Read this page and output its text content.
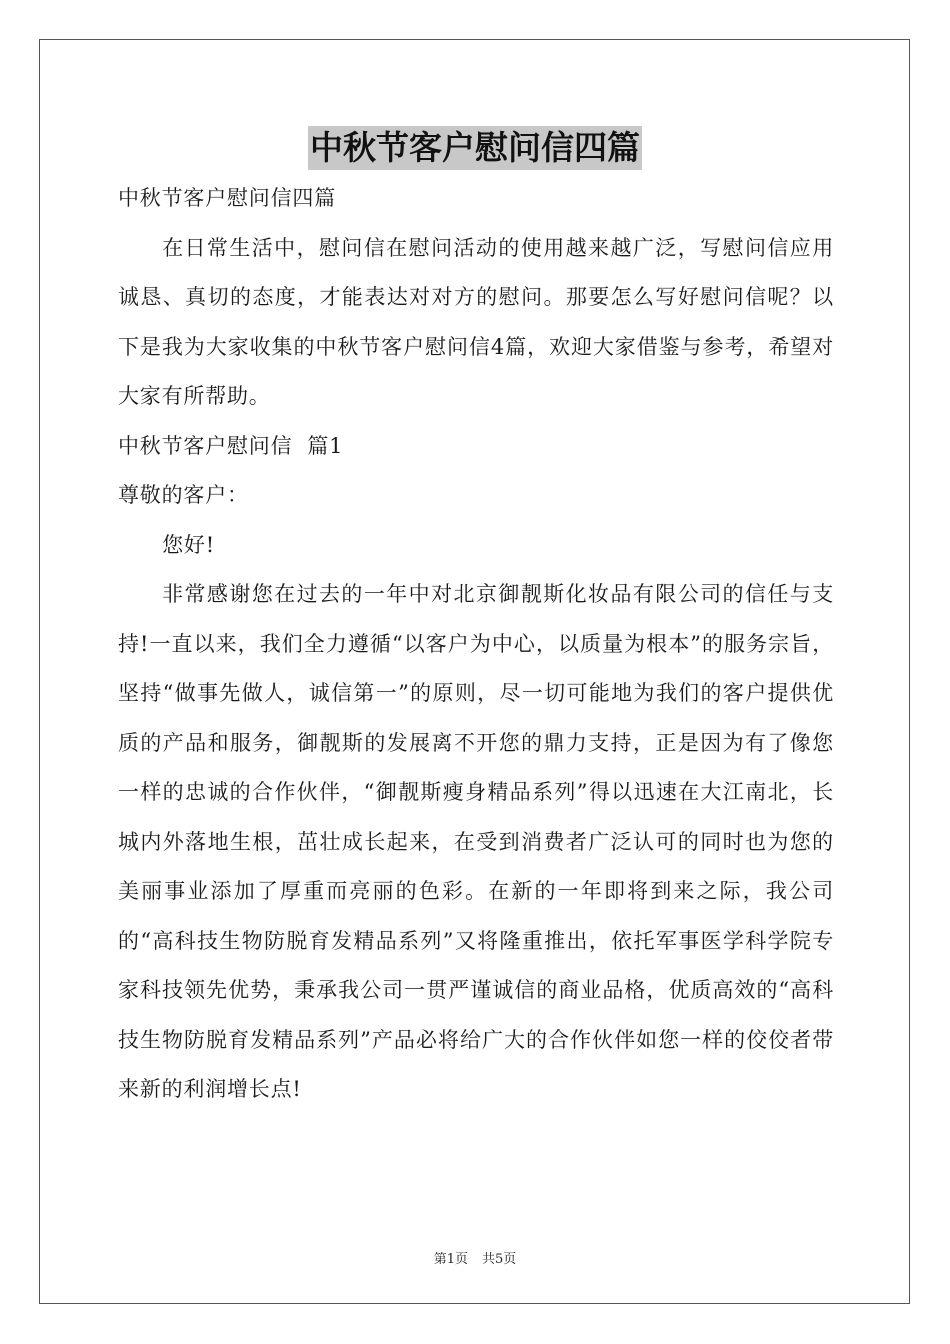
中秋节客户慰问信四篇

中秋节客户慰问信四篇

在日常生活中，慰问信在慰问活动的使用越来越广泛，写慰问信应用诚恳、真切的态度，才能表达对对方的慰问。那要怎么写好慰问信呢？以下是我为大家收集的中秋节客户慰问信4篇，欢迎大家借鉴与参考，希望对大家有所帮助。

中秋节客户慰问信  篇1

尊敬的客户：

您好!

非常感谢您在过去的一年中对北京御靓斯化妆品有限公司的信任与支持!一直以来，我们全力遵循“以客户为中心，以质量为根本”的服务宗旨，坚持“做事先做人，诚信第一”的原则，尽一切可能地为我们的客户提供优质的产品和服务，御靓斯的发展离不开您的鼎力支持，正是因为有了像您一样的忠诚的合作伙伴，“御靓斯瘦身精品系列”得以迅速在大江南北，长城内外落地生根，茁壮成长起来，在受到消费者广泛认可的同时也为您的美丽事业添加了厚重而亮丽的色彩。在新的一年即将到来之际，我公司的“高科技生物防脱育发精品系列”又将隆重推出，依托军事医学科学院专家科技领先优势，秉承我公司一贯严谨诚信的商业品格，优质高效的“高科技生物防脱育发精品系列”产品必将给广大的合作伙伴如您一样的佼佼者带来新的利润增长点!

第1页 共5页
